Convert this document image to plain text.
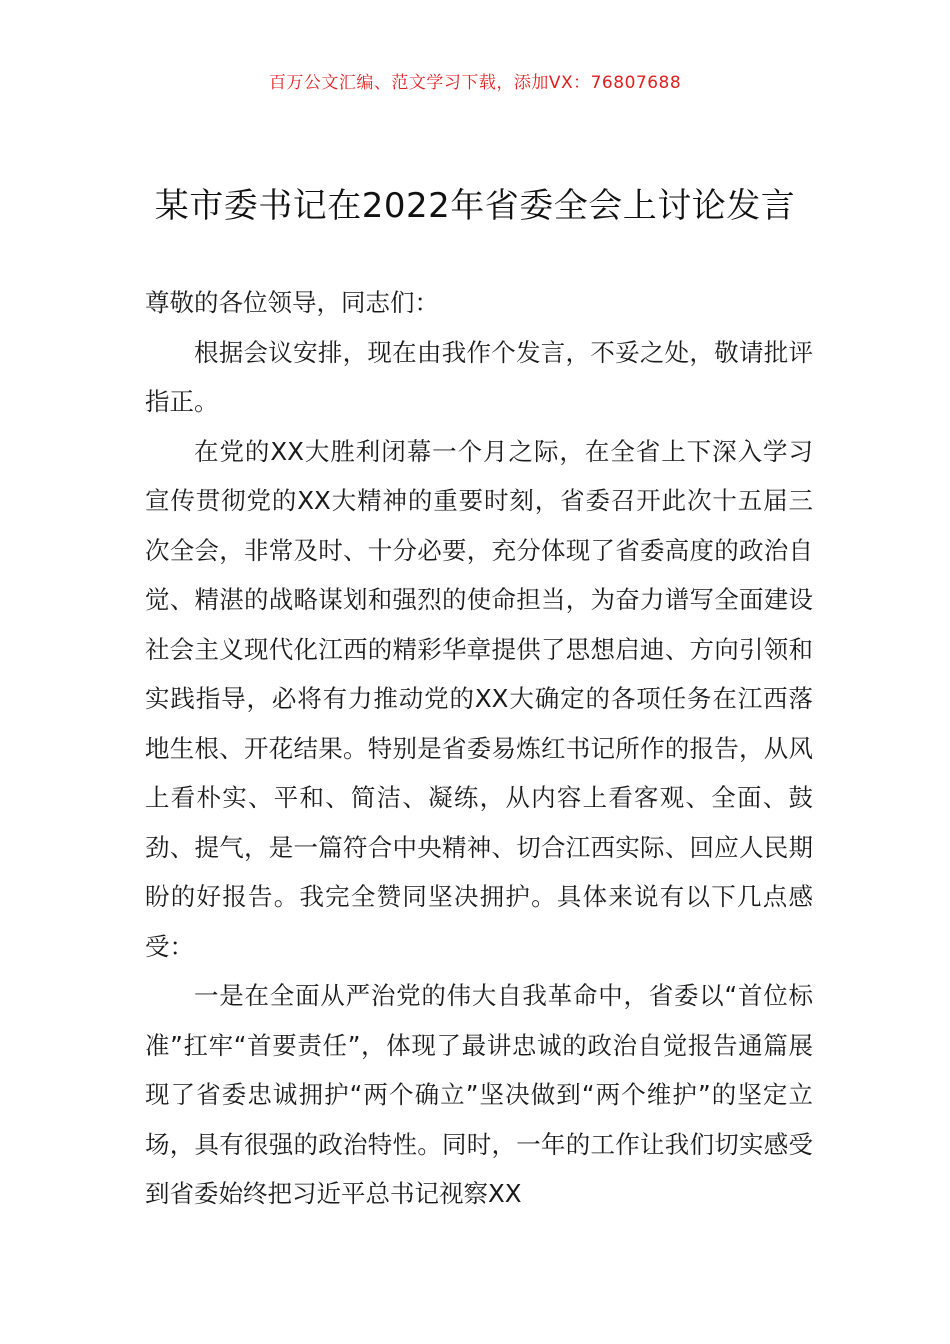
百万公文汇编、范文学习下载，添加VX：76807688
某市委书记在2022年省委全会上讨论发言

尊敬的各位领导，同志们：

根据会议安排，现在由我作个发言，不妥之处，敬请批评指正。

在党的XX大胜利闭幕一个月之际，在全省上下深入学习宣传贯彻党的XX大精神的重要时刻，省委召开此次十五届三次全会，非常及时、十分必要，充分体现了省委高度的政治自觉、精湛的战略谋划和强烈的使命担当，为奋力谱写全面建设社会主义现代化江西的精彩华章提供了思想启迪、方向引领和实践指导，必将有力推动党的XX大确定的各项任务在江西落地生根、开花结果。特别是省委易炼红书记所作的报告，从风上看朴实、平和、简洁、凝练，从内容上看客观、全面、鼓劲、提气，是一篇符合中央精神、切合江西实际、回应人民期盼的好报告。我完全赞同坚决拥护。具体来说有以下几点感受：

一是在全面从严治党的伟大自我革命中，省委以“首位标准”扛牢“首要责任”，体现了最讲忠诚的政治自觉报告通篇展现了省委忠诚拥护“两个确立”坚决做到“两个维护”的坚定立场，具有很强的政治特性。同时，一年的工作让我们切实感受到省委始终把习近平总书记视察XX
